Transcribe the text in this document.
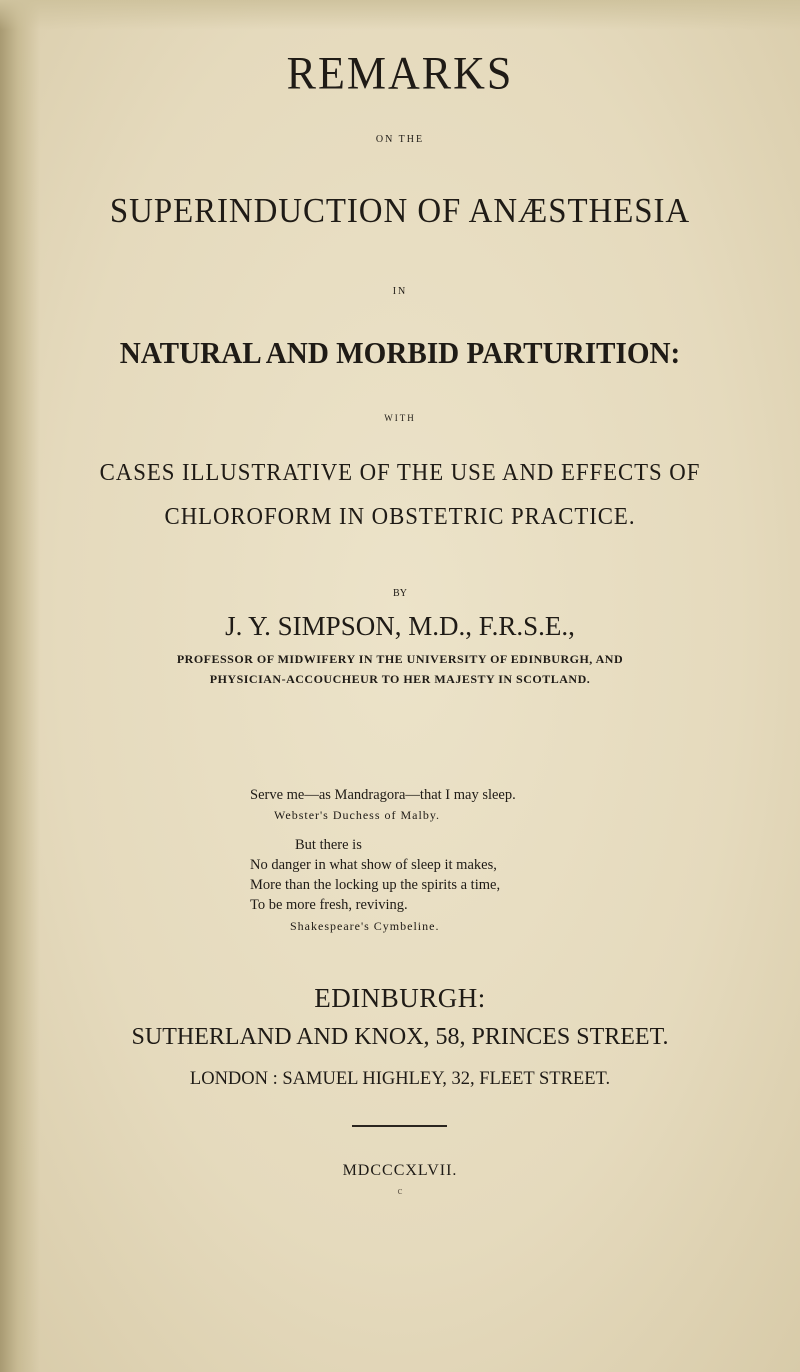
REMARKS
ON THE
SUPERINDUCTION OF ANÆSTHESIA
IN
NATURAL AND MORBID PARTURITION:
WITH
CASES ILLUSTRATIVE OF THE USE AND EFFECTS OF
CHLOROFORM IN OBSTETRIC PRACTICE.
BY
J. Y. SIMPSON, M.D., F.R.S.E.,
PROFESSOR OF MIDWIFERY IN THE UNIVERSITY OF EDINBURGH, AND
PHYSICIAN-ACCOUCHEUR TO HER MAJESTY IN SCOTLAND.
Serve me—as Mandragora—that I may sleep.
Webster's Duchess of Malby.
But there is
No danger in what show of sleep it makes,
More than the locking up the spirits a time,
To be more fresh, reviving.
Shakespeare's Cymbeline.
EDINBURGH:
SUTHERLAND AND KNOX, 58, PRINCES STREET.
LONDON : SAMUEL HIGHLEY, 32, FLEET STREET.
MDCCCXLVII.
c
